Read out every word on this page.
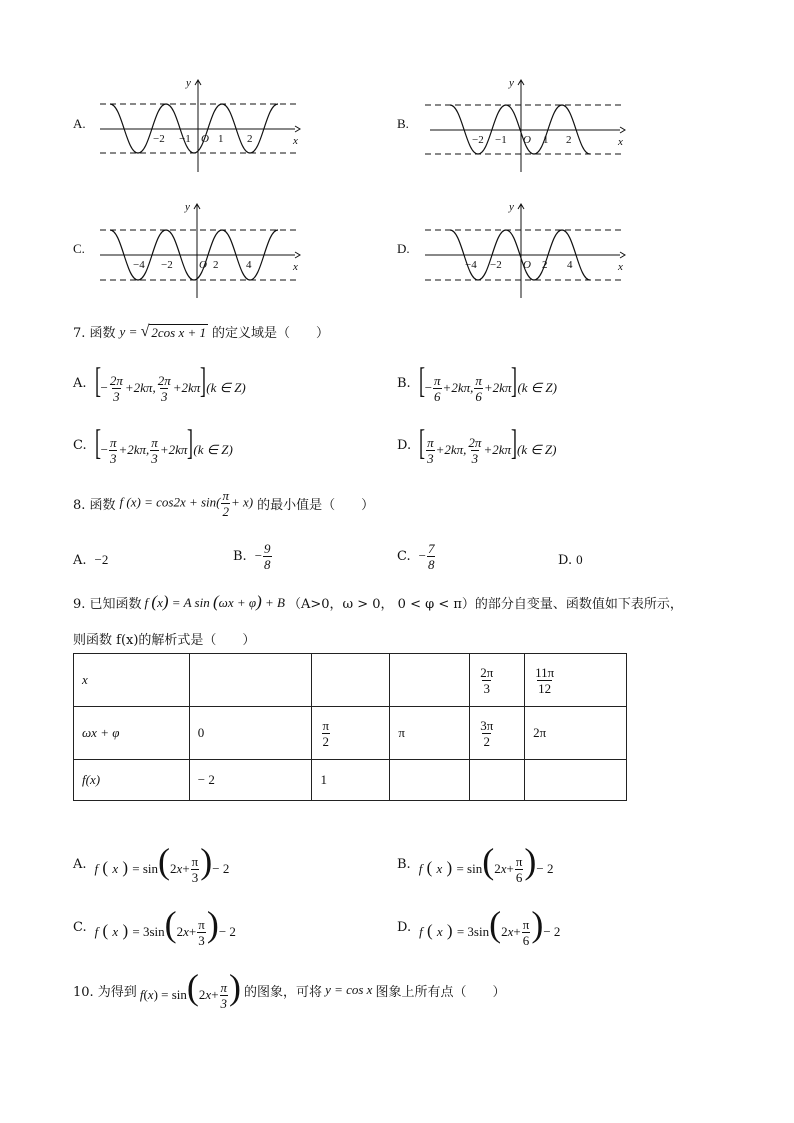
A.
−2 −1 O 1 2	x
y
B.
−2 −1 O 1 2	x
y
C.
−4 −2 O 2	4	x
y
D.
−4 −2 O 2 4	x
y
7. 函数 y = √ 2cos x + 1 的定义域是（　　）
A. [− $\frac{2\pi}{3} +2k\pi$, $\frac{2\pi}{3} +2k\pi](k$ ∈ Z)	B. [− $\frac{\pi}{6} +2k\pi$, $\frac{\pi}{6} +2k\pi](k$ ∈ Z)
C. [− $\frac{\pi}{3} +2k\pi$, $\frac{\pi}{3} +2k\pi](k$ ∈ Z)	D. [ $\frac{\pi}{3} +2k\pi$, $\frac{2\pi}{3} +2k\pi](k$ ∈ Z)
8. 函数 f $(x) = \cos 2x + \sin( \frac{\pi}{2} + x)$ 的最小值是（　　）
A. −2	B. − $\frac{9}{8}$	C. − $\frac{7}{8}$	D. 0
9. 已知函数 f (x) = A sin (ωx + φ) + B （A>0，ω > 0， 0 < φ < π） 的部分自变量、函数值如下表所示，
则函数 f(x)的解析式是（　　）
x				$\frac{2\pi}{3}$	$\frac{11\pi}{12}$

ωx + φ	0	$\frac{\pi}{2}$	π	$\frac{3\pi}{2}$	2π
f(x)	− 2	1			
A. f ( x ) = $\sin(2x+ \frac{\pi}{3}$ )− 2	B. f ( x ) = $\sin(2x+ \frac{\pi}{6}$ )− 2
C. f ( x ) = $3\sin(2x+ \frac{\pi}{3}$ )− 2	D. f ( x ) = $3\sin(2x+ \frac{\pi}{6}$ )− 2
10. 为得到 $f(x) = \sin(2x+ \frac{\pi}{3}$ ) 的图象，可将 y = cos x 图象上所有点（　　）
